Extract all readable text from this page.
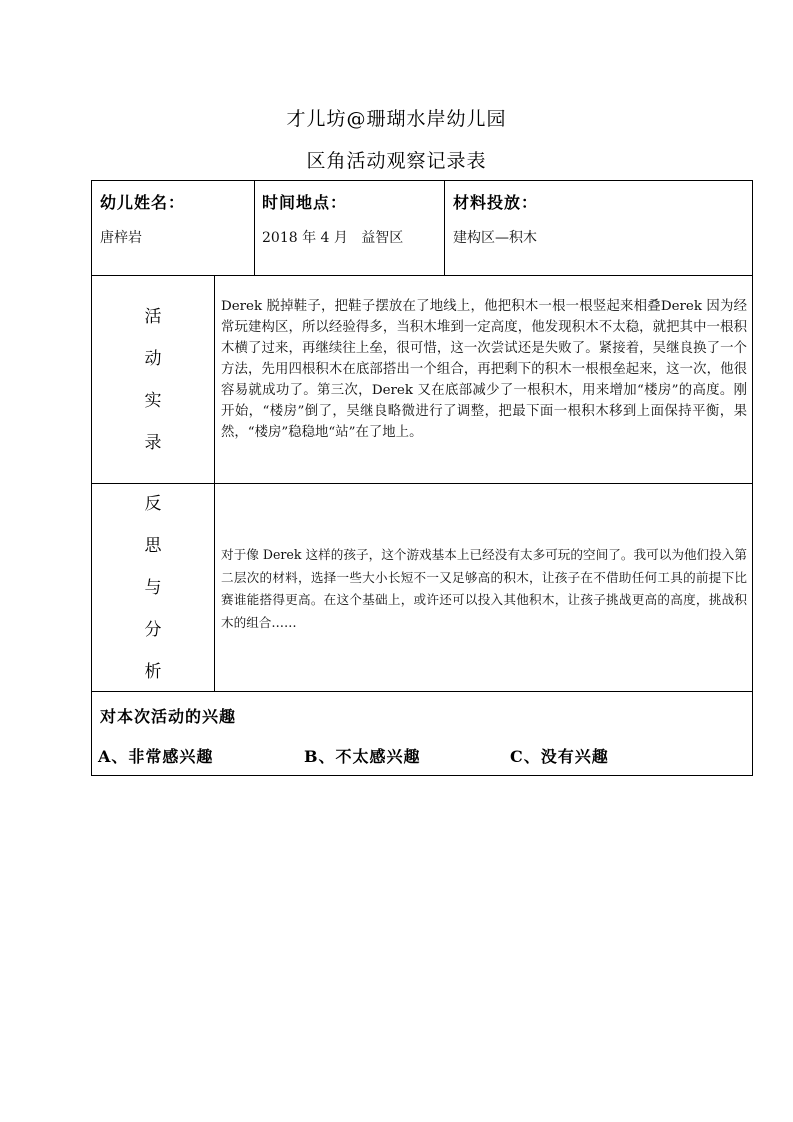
才儿坊@珊瑚水岸幼儿园
区角活动观察记录表
幼儿姓名：
唐梓岩
时间地点：
2018 年 4 月   益智区
材料投放：
建构区—积木
活
动
实
录
Derek 脱掉鞋子，把鞋子摆放在了地线上，他把积木一根一根竖起来相叠Derek 因为经常玩建构区，所以经验得多，当积木堆到一定高度，他发现积木不太稳，就把其中一根积木横了过来，再继续往上垒，很可惜，这一次尝试还是失败了。紧接着，吴继良换了一个方法，先用四根积木在底部搭出一个组合，再把剩下的积木一根根垒起来，这一次，他很容易就成功了。第三次，Derek 又在底部减少了一根积木，用来增加“楼房”的高度。刚开始，“楼房”倒了，吴继良略微进行了调整，把最下面一根积木移到上面保持平衡，果然，“楼房”稳稳地“站”在了地上。
反
思
与
分
析
对于像 Derek 这样的孩子，这个游戏基本上已经没有太多可玩的空间了。我可以为他们投入第二层次的材料，选择一些大小长短不一又足够高的积木，让孩子在不借助任何工具的前提下比赛谁能搭得更高。在这个基础上，或许还可以投入其他积木，让孩子挑战更高的高度，挑战积木的组合……
对本次活动的兴趣
A、非常感兴趣	B、不太感兴趣	C、没有兴趣
